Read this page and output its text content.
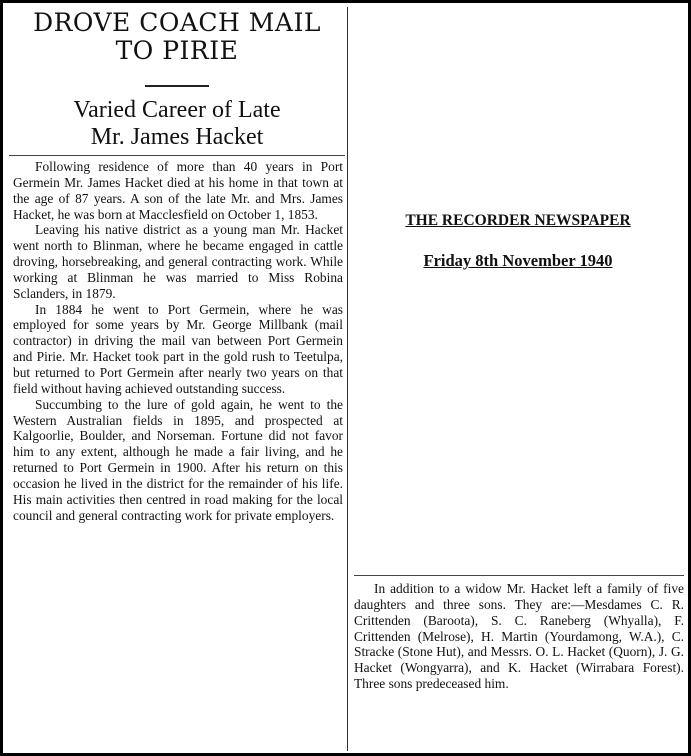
DROVE COACH MAIL
TO PIRIE
Varied Career of Late
Mr. James Hacket

Following residence of more than 40 years in Port Germein Mr. James Hacket died at his home in that town at the age of 87 years. A son of the late Mr. and Mrs. James Hacket, he was born at Macclesfield on October 1, 1853.

Leaving his native district as a young man Mr. Hacket went north to Blinman, where he became engaged in cattle droving, horsebreaking, and general contracting work. While working at Blinman he was married to Miss Robina Sclanders, in 1879.

In 1884 he went to Port Germein, where he was employed for some years by Mr. George Millbank (mail contractor) in driving the mail van between Port Germein and Pirie. Mr. Hacket took part in the gold rush to Teetulpa, but returned to Port Germein after nearly two years on that field without having achieved outstanding success.

Succumbing to the lure of gold again, he went to the Western Australian fields in 1895, and prospected at Kalgoorlie, Boulder, and Norseman. Fortune did not favor him to any extent, although he made a fair living, and he returned to Port Germein in 1900. After his return on this occasion he lived in the district for the remainder of his life. His main activities then centred in road making for the local council and general contracting work for private employers.

THE RECORDER NEWSPAPER
Friday 8th November 1940

In addition to a widow Mr. Hacket left a family of five daughters and three sons. They are:—Mesdames C. R. Crittenden (Baroota), S. C. Raneberg (Whyalla), F. Crittenden (Melrose), H. Martin (Yourdamong, W.A.), C. Stracke (Stone Hut), and Messrs. O. L. Hacket (Quorn), J. G. Hacket (Wongyarra), and K. Hacket (Wirrabara Forest). Three sons predeceased him.
